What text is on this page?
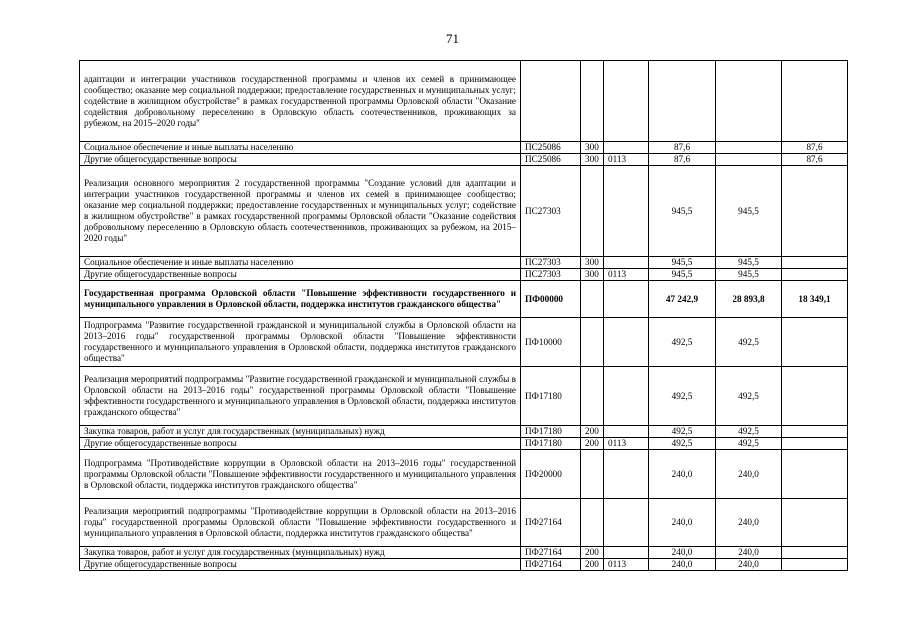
71
адаптации и интеграции участников государственной программы и членов их семей в принимающее сообщество; оказание мер социальной поддержки; предоставление государственных и муниципальных услуг; содействие в жилищном обустройстве" в рамках государственной программы Орловской области "Оказание содействия добровольному переселению в Орловскую область соотечественников, проживающих за рубежом, на 2015–2020 годы"						
Социальное обеспечение и иные выплаты населению	ПС25086	300		87,6		87,6
Другие общегосударственные вопросы	ПС25086	300	0113	87,6		87,6
Реализация основного мероприятия 2 государственной программы "Создание условий для адаптации и интеграции участников государственной программы и членов их семей в принимающее сообщество; оказание мер социальной поддержки; предоставление государственных и муниципальных услуг; содействие в жилищном обустройстве" в рамках государственной программы Орловской области "Оказание содействия добровольному переселению в Орловскую область соотечественников, проживающих за рубежом, на 2015–2020 годы"	ПС27303			945,5	945,5	
Социальное обеспечение и иные выплаты населению	ПС27303	300		945,5	945,5	
Другие общегосударственные вопросы	ПС27303	300	0113	945,5	945,5	
Государственная программа Орловской области "Повышение эффективности государственного и муниципального управления в Орловской области, поддержка институтов гражданского общества"	ПФ00000			47 242,9	28 893,8	18 349,1
Подпрограмма "Развитие государственной гражданской и муниципальной службы в Орловской области на 2013–2016 годы" государственной программы Орловской области "Повышение эффективности государственного и муниципального управления в Орловской области, поддержка институтов гражданского общества"	ПФ10000			492,5	492,5	
Реализация мероприятий подпрограммы "Развитие государственной гражданской и муниципальной службы в Орловской области на 2013–2016 годы" государственной программы Орловской области "Повышение эффективности государственного и муниципального управления в Орловской области, поддержка институтов гражданского общества"	ПФ17180			492,5	492,5	
Закупка товаров, работ и услуг для государственных (муниципальных) нужд	ПФ17180	200		492,5	492,5	
Другие общегосударственные вопросы	ПФ17180	200	0113	492,5	492,5	
Подпрограмма "Противодействие коррупции в Орловской области на 2013–2016 годы" государственной программы Орловской области "Повышение эффективности государственного и муниципального управления в Орловской области, поддержка институтов гражданского общества"	ПФ20000			240,0	240,0	
Реализация мероприятий подпрограммы "Противодействие коррупции в Орловской области на 2013–2016 годы" государственной программы Орловской области "Повышение эффективности государственного и муниципального управления в Орловской области, поддержка институтов гражданского общества"	ПФ27164			240,0	240,0	
Закупка товаров, работ и услуг для государственных (муниципальных) нужд	ПФ27164	200		240,0	240,0	
Другие общегосударственные вопросы	ПФ27164	200	0113	240,0	240,0	
